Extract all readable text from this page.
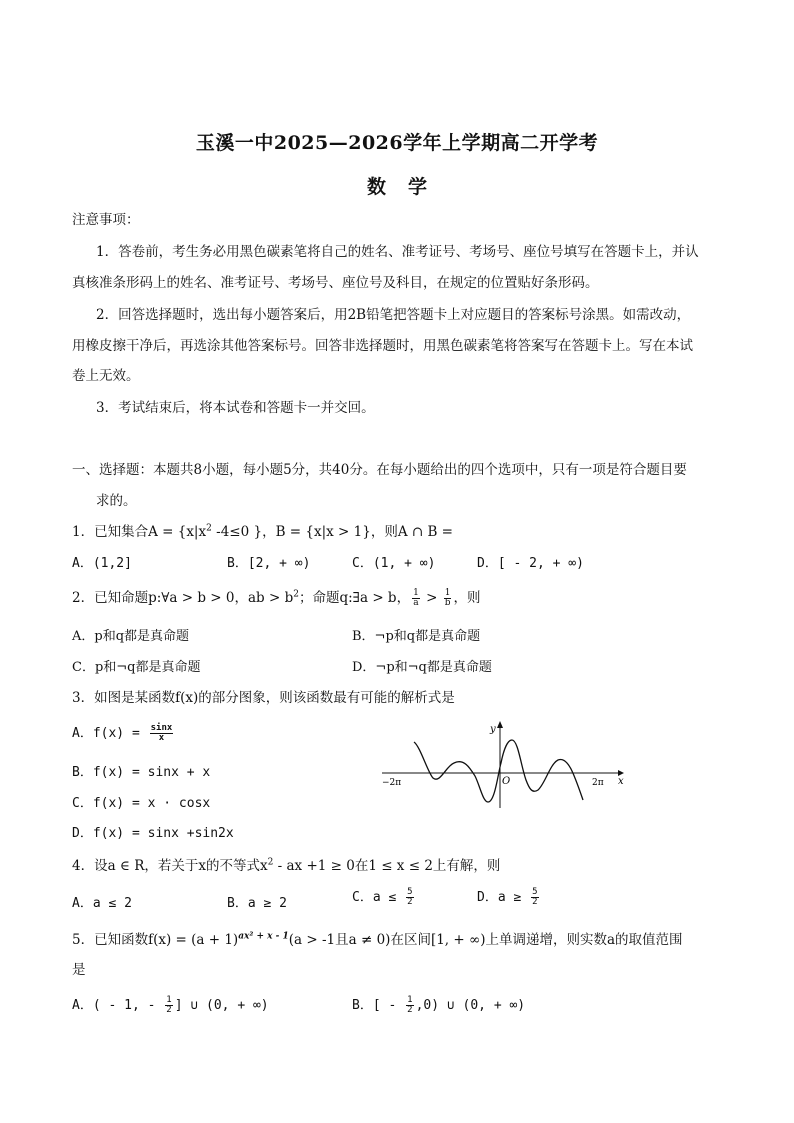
玉溪一中2025—2026学年上学期高二开学考
数学
注意事项：
1．答卷前，考生务必用黑色碳素笔将自己的姓名、准考证号、考场号、座位号填写在答题卡上，并认
真核准条形码上的姓名、准考证号、考场号、座位号及科目，在规定的位置贴好条形码。
2．回答选择题时，选出每小题答案后，用2B铅笔把答题卡上对应题目的答案标号涂黑。如需改动，
用橡皮擦干净后，再选涂其他答案标号。回答非选择题时，用黑色碳素笔将答案写在答题卡上。写在本试
卷上无效。
3．考试结束后，将本试卷和答题卡一并交回。
一、选择题：本题共8小题，每小题5分，共40分。在每小题给出的四个选项中，只有一项是符合题目要
求的。
1．已知集合$A = \{x|x^2$ -4≤0 }，B = {x|x > 1}，则A ∩ B =
A．(1,2]	B．[2, + ∞)	C．(1, + ∞)	D．[ - 2, + ∞)
2．已知命题p:∀a > b > 0，ab > $b^2$；命题q:∃a > b， $\frac{1}{a} > \frac{1}{b}$ ，则
A．p和q都是真命题	B．¬p和q都是真命题
C．p和¬q都是真命题	D．¬p和¬q都是真命题
3．如图是某函数f(x)的部分图象，则该函数最有可能的解析式是
A．$f(x) = \frac{\sin x}{x}$
B．f(x) = sinx + x
C．f(x) = x · cosx
D．f(x) = sinx +sin2x
y
x
O
−2π	2π
4．设a ∈ R，若关于x的不等式$x^2$ - ax +1 ≥ 0在1 ≤ x ≤ 2上有解，则
A．a ≤ 2	B．a ≥ 2	C．$a \le \frac{5}{2}$	D．$a \ge \frac{5}{2}$
5．已知函数$f(x) = (a + 1)^{ax^2 + x - 1}(a > -1$且a ≠ 0)在区间[1, + ∞)上单调递增，则实数a的取值范围
是
A．( - 1, - $\frac{1}{2}$ ] ∪ (0, + ∞)	B．[ - $\frac{1}{2} ,0$) ∪ (0, + ∞)
